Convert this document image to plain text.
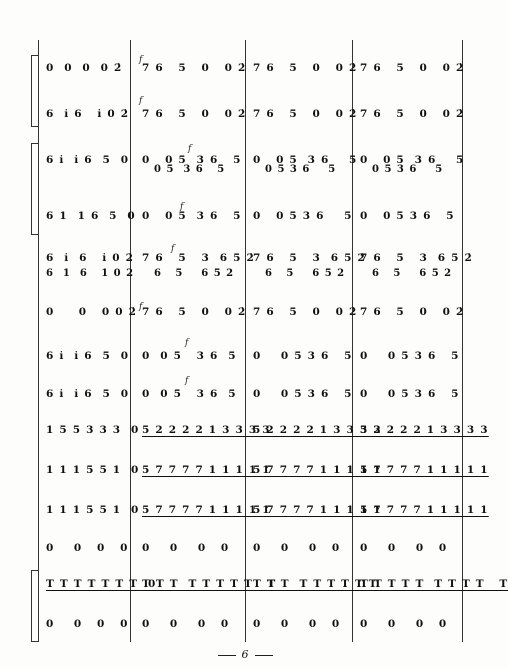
0  0  0  0 2̇	7 6   5   0   0 2̇ 7 6   5   0   0 2̇ 7 6   5   0   0 2̇
6  i̇ 6   i̇ 0 2̇ 7 6   5   0   0 2̇ 7 6   5   0   0 2̇ 7 6   5   0   0 2̇
6 i̇  i̇ 6  5  0 0   0 5  3 6   5 0   0 5  3 6    5 0   0 5  3 6    5
6 1  1 6  5  0 0   0 5  3 6   5 0   0 5 3 6    5 0   0 5 3 6   5
6  i̇  6   i̇ 0 2̇ 7 6   5   3  6 5 2̇
7 6   5   3  6 5 2̇
7 6   5   3  6 5 2̇
0     0   0 0 2̇ 7 6   5   0   0 2̇ 7 6   5   0   0 2̇ 7 6   5   0   0 2̇
6 i̇  i̇ 6  5  0 0  0 5   3 6  5	0    0 5 3 6   5 0    0 5 3 6   5
6 i̇  i̇ 6  5  0 0  0 5   3 6  5	0    0 5 3 6   5 0    0 5 3 6   5
1 5 5 3 3 3  0 5 2 2 2 2 1 3 3 3 3
5 2 2 2 2 1 3 3 3 3
5 2 2 2 2 1 3 3 3 3
1 1 1 5 5 1  0 5 7 7 7 7 1 1 1 1 1
5 7 7 7 7 1 1 1 1 1
5 7 7 7 7 1 1 1 1 1
1 1 1 5 5 1  0 5 7 7 7 7 1 1 1 1 1
5 7 7 7 7 1 1 1 1 1
5 7 7 7 7 1 1 1 1 1
0    0   0   0 0    0    0   0	0    0    0   0	0    0    0   0
T T T T T T T  0
T T T  T T T T T   T
T T T  T T T T T T
T T T T T  T T T T   T
0    0   0   0 0    0    0   0	0    0    0   0	0    0    0   0
0 5  3 6   5	0 5 3 6    5	0 5 3 6    5
6  1  6   1 0 2 6   5    6 5 2	6   5    6 5 2	6   5    6 5 2
f
f
f
f
f
f
f
f
6
